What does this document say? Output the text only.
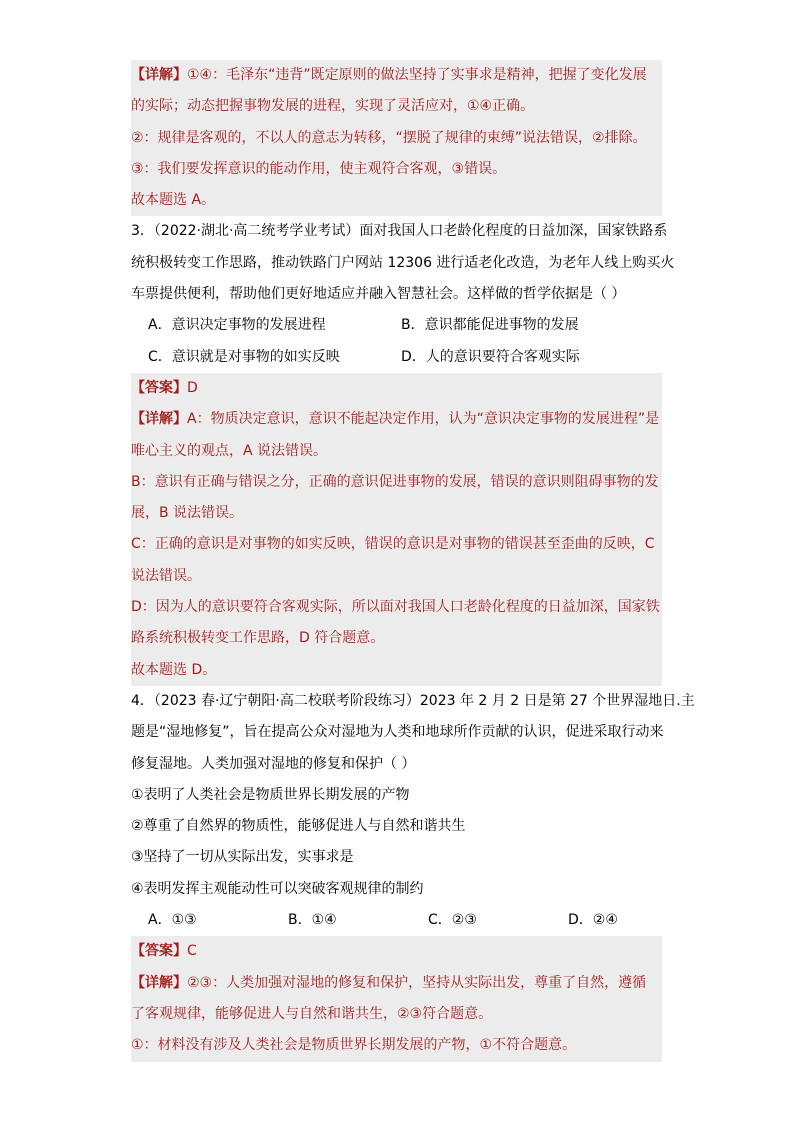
【详解】①④：毛泽东“违背”既定原则的做法坚持了实事求是精神，把握了变化发展
的实际；动态把握事物发展的进程，实现了灵活应对，①④正确。
②：规律是客观的，不以人的意志为转移，“摆脱了规律的束缚”说法错误，②排除。
③：我们要发挥意识的能动作用，使主观符合客观，③错误。
故本题选 A。
3．（2022·湖北·高二统考学业考试）面对我国人口老龄化程度的日益加深，国家铁路系
统积极转变工作思路，推动铁路门户网站 12306 进行适老化改造，为老年人线上购买火
车票提供便利，帮助他们更好地适应并融入智慧社会。这样做的哲学依据是（ ）
A．意识决定事物的发展进程	B．意识都能促进事物的发展
C．意识就是对事物的如实反映	D．人的意识要符合客观实际
【答案】D
【详解】A：物质决定意识，意识不能起决定作用，认为“意识决定事物的发展进程”是
唯心主义的观点，A 说法错误。
B：意识有正确与错误之分，正确的意识促进事物的发展，错误的意识则阻碍事物的发
展，B 说法错误。
C：正确的意识是对事物的如实反映，错误的意识是对事物的错误甚至歪曲的反映，C
说法错误。
D：因为人的意识要符合客观实际，所以面对我国人口老龄化程度的日益加深，国家铁
路系统积极转变工作思路，D 符合题意。
故本题选 D。
4．（2023 春·辽宁朝阳·高二校联考阶段练习）2023 年 2 月 2 日是第 27 个世界湿地日.主
题是“湿地修复”，旨在提高公众对湿地为人类和地球所作贡献的认识，促进采取行动来
修复湿地。人类加强对湿地的修复和保护（ ）
①表明了人类社会是物质世界长期发展的产物
②尊重了自然界的物质性，能够促进人与自然和谐共生
③坚持了一切从实际出发，实事求是
④表明发挥主观能动性可以突破客观规律的制约
A．①③	B．①④	C．②③	D．②④
【答案】C
【详解】②③：人类加强对湿地的修复和保护，坚持从实际出发，尊重了自然，遵循
了客观规律，能够促进人与自然和谐共生，②③符合题意。
①：材料没有涉及人类社会是物质世界长期发展的产物，①不符合题意。
